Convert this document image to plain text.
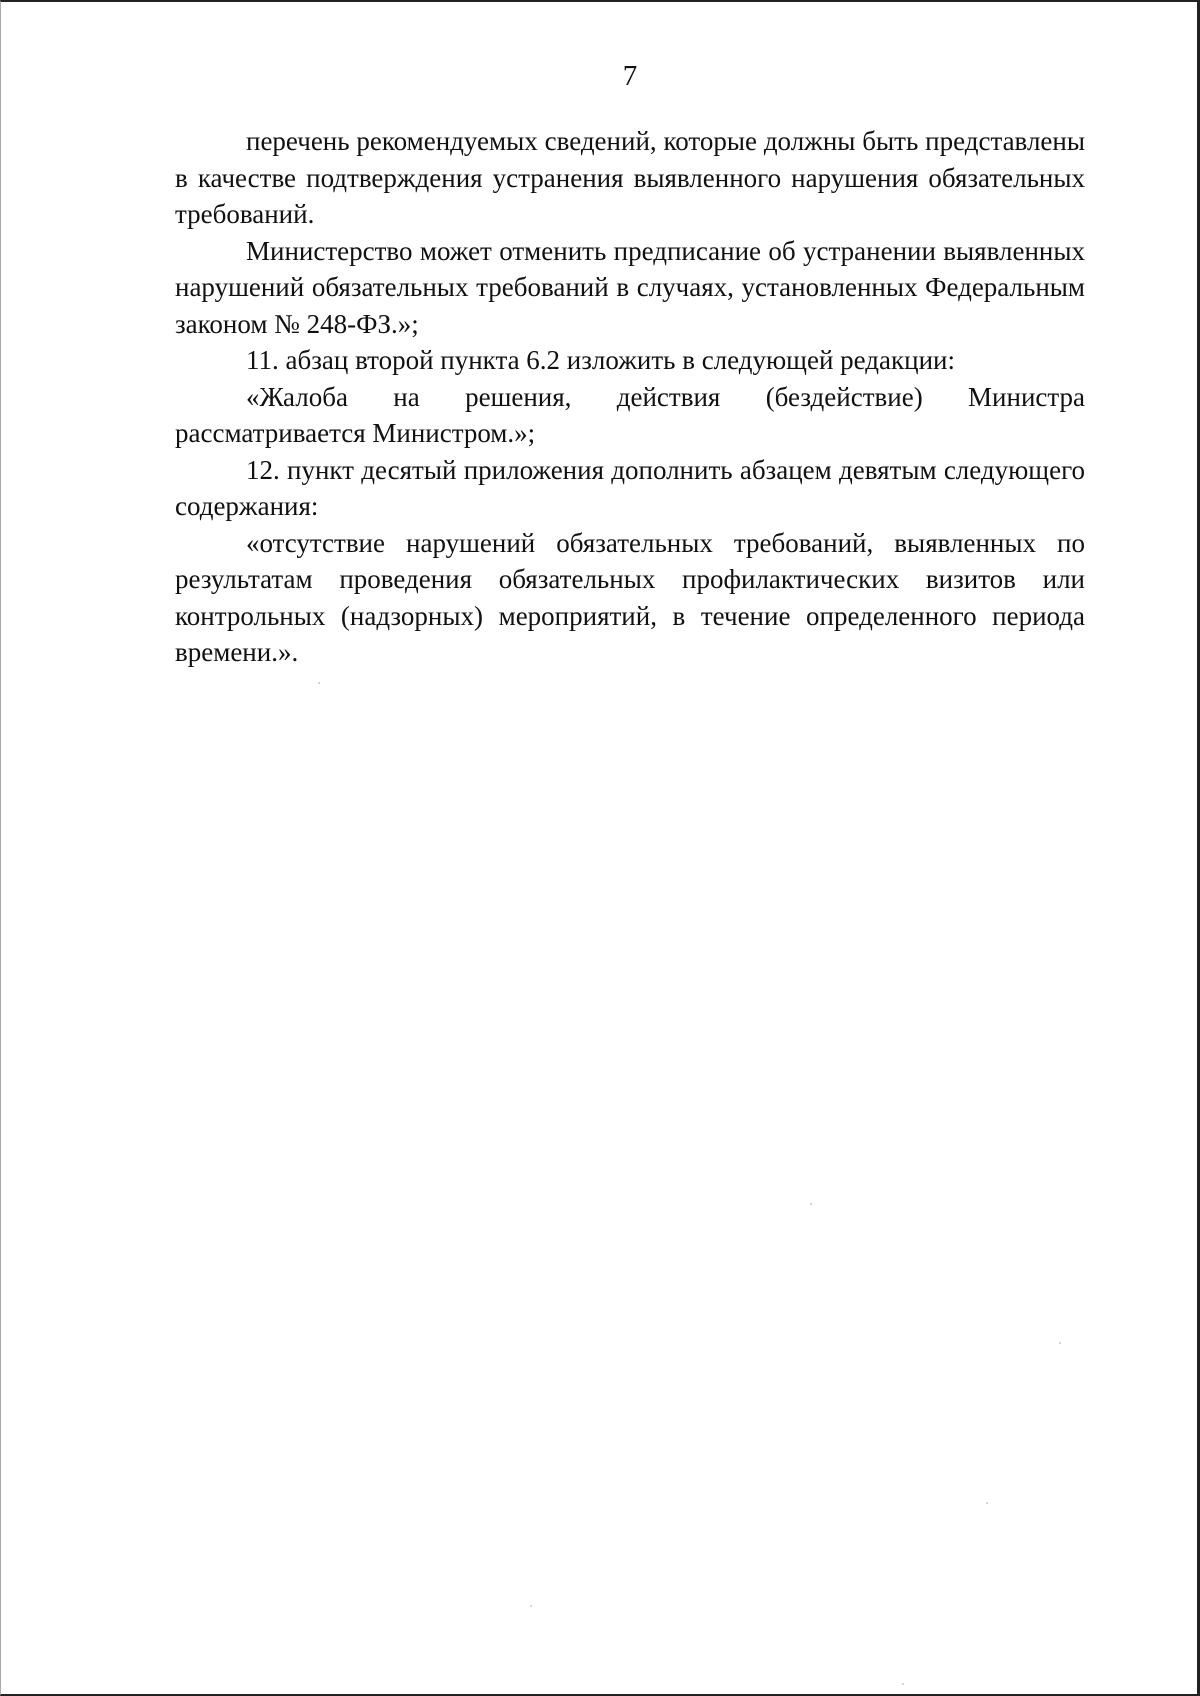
7

перечень рекомендуемых сведений, которые должны быть представлены в качестве подтверждения устранения выявленного нарушения обязательных требований.

Министерство может отменить предписание об устранении выявленных нарушений обязательных требований в случаях, установленных Федеральным законом № 248-ФЗ.»;

11. абзац второй пункта 6.2 изложить в следующей редакции:

«Жалоба на решения, действия (бездействие) Министра рассматривается Министром.»;

12. пункт десятый приложения дополнить абзацем девятым следующего содержания:

«отсутствие нарушений обязательных требований, выявленных по результатам проведения обязательных профилактических визитов или контрольных (надзорных) мероприятий, в течение определенного периода времени.».
